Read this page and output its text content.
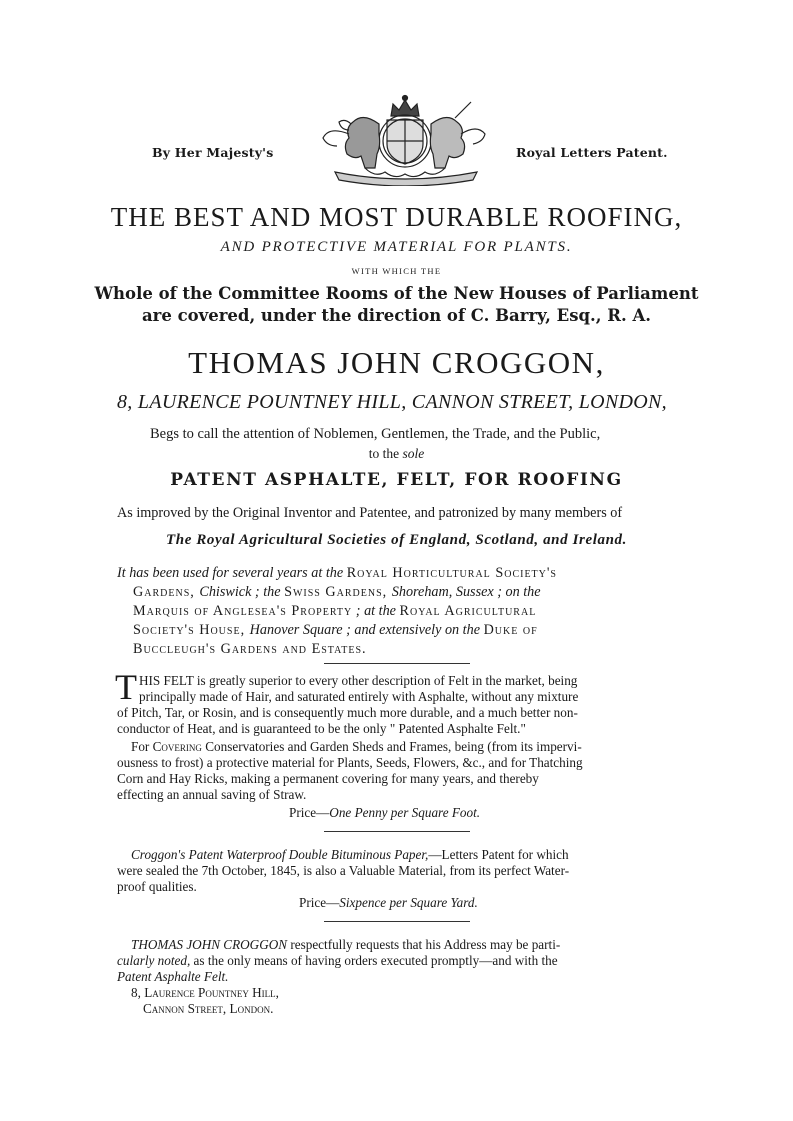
By Her Majesty's	Royal Letters Patent.
THE BEST AND MOST DURABLE ROOFING,
AND PROTECTIVE MATERIAL FOR PLANTS.
WITH WHICH THE
Whole of the Committee Rooms of the New Houses of Parliament
are covered, under the direction of C. Barry, Esq., R. A.
THOMAS JOHN CROGGON,
8, LAURENCE POUNTNEY HILL, CANNON STREET, LONDON,
Begs to call the attention of Noblemen, Gentlemen, the Trade, and the Public,
to the sole
PATENT ASPHALTE, FELT, FOR ROOFING
As improved by the Original Inventor and Patentee, and patronized by many members of
The Royal Agricultural Societies of England, Scotland, and Ireland.
It has been used for several years at the Royal Horticultural Society's
Gardens, Chiswick ; the Swiss Gardens, Shoreham, Sussex ; on the
Marquis of Anglesea's Property ; at the Royal Agricultural
Society's House, Hanover Square ; and extensively on the Duke of
Buccleugh's Gardens and Estates.
T HIS FELT is greatly superior to every other description of Felt in the market, being
principally made of Hair, and saturated entirely with Asphalte, without any mixture
of Pitch, Tar, or Rosin, and is consequently much more durable, and a much better non-
conductor of Heat, and is guaranteed to be the only " Patented Asphalte Felt."
For Covering Conservatories and Garden Sheds and Frames, being (from its impervi-
ousness to frost) a protective material for Plants, Seeds, Flowers, &c., and for Thatching
Corn and Hay Ricks, making a permanent covering for many years, and thereby
effecting an annual saving of Straw.
Price—One Penny per Square Foot.
Croggon's Patent Waterproof Double Bituminous Paper,—Letters Patent for which
were sealed the 7th October, 1845, is also a Valuable Material, from its perfect Water-
proof qualities.
Price—Sixpence per Square Yard.
THOMAS JOHN CROGGON respectfully requests that his Address may be parti-
cularly noted, as the only means of having orders executed promptly—and with the
Patent Asphalte Felt.
8, Laurence Pountney Hill,
Cannon Street, London.
